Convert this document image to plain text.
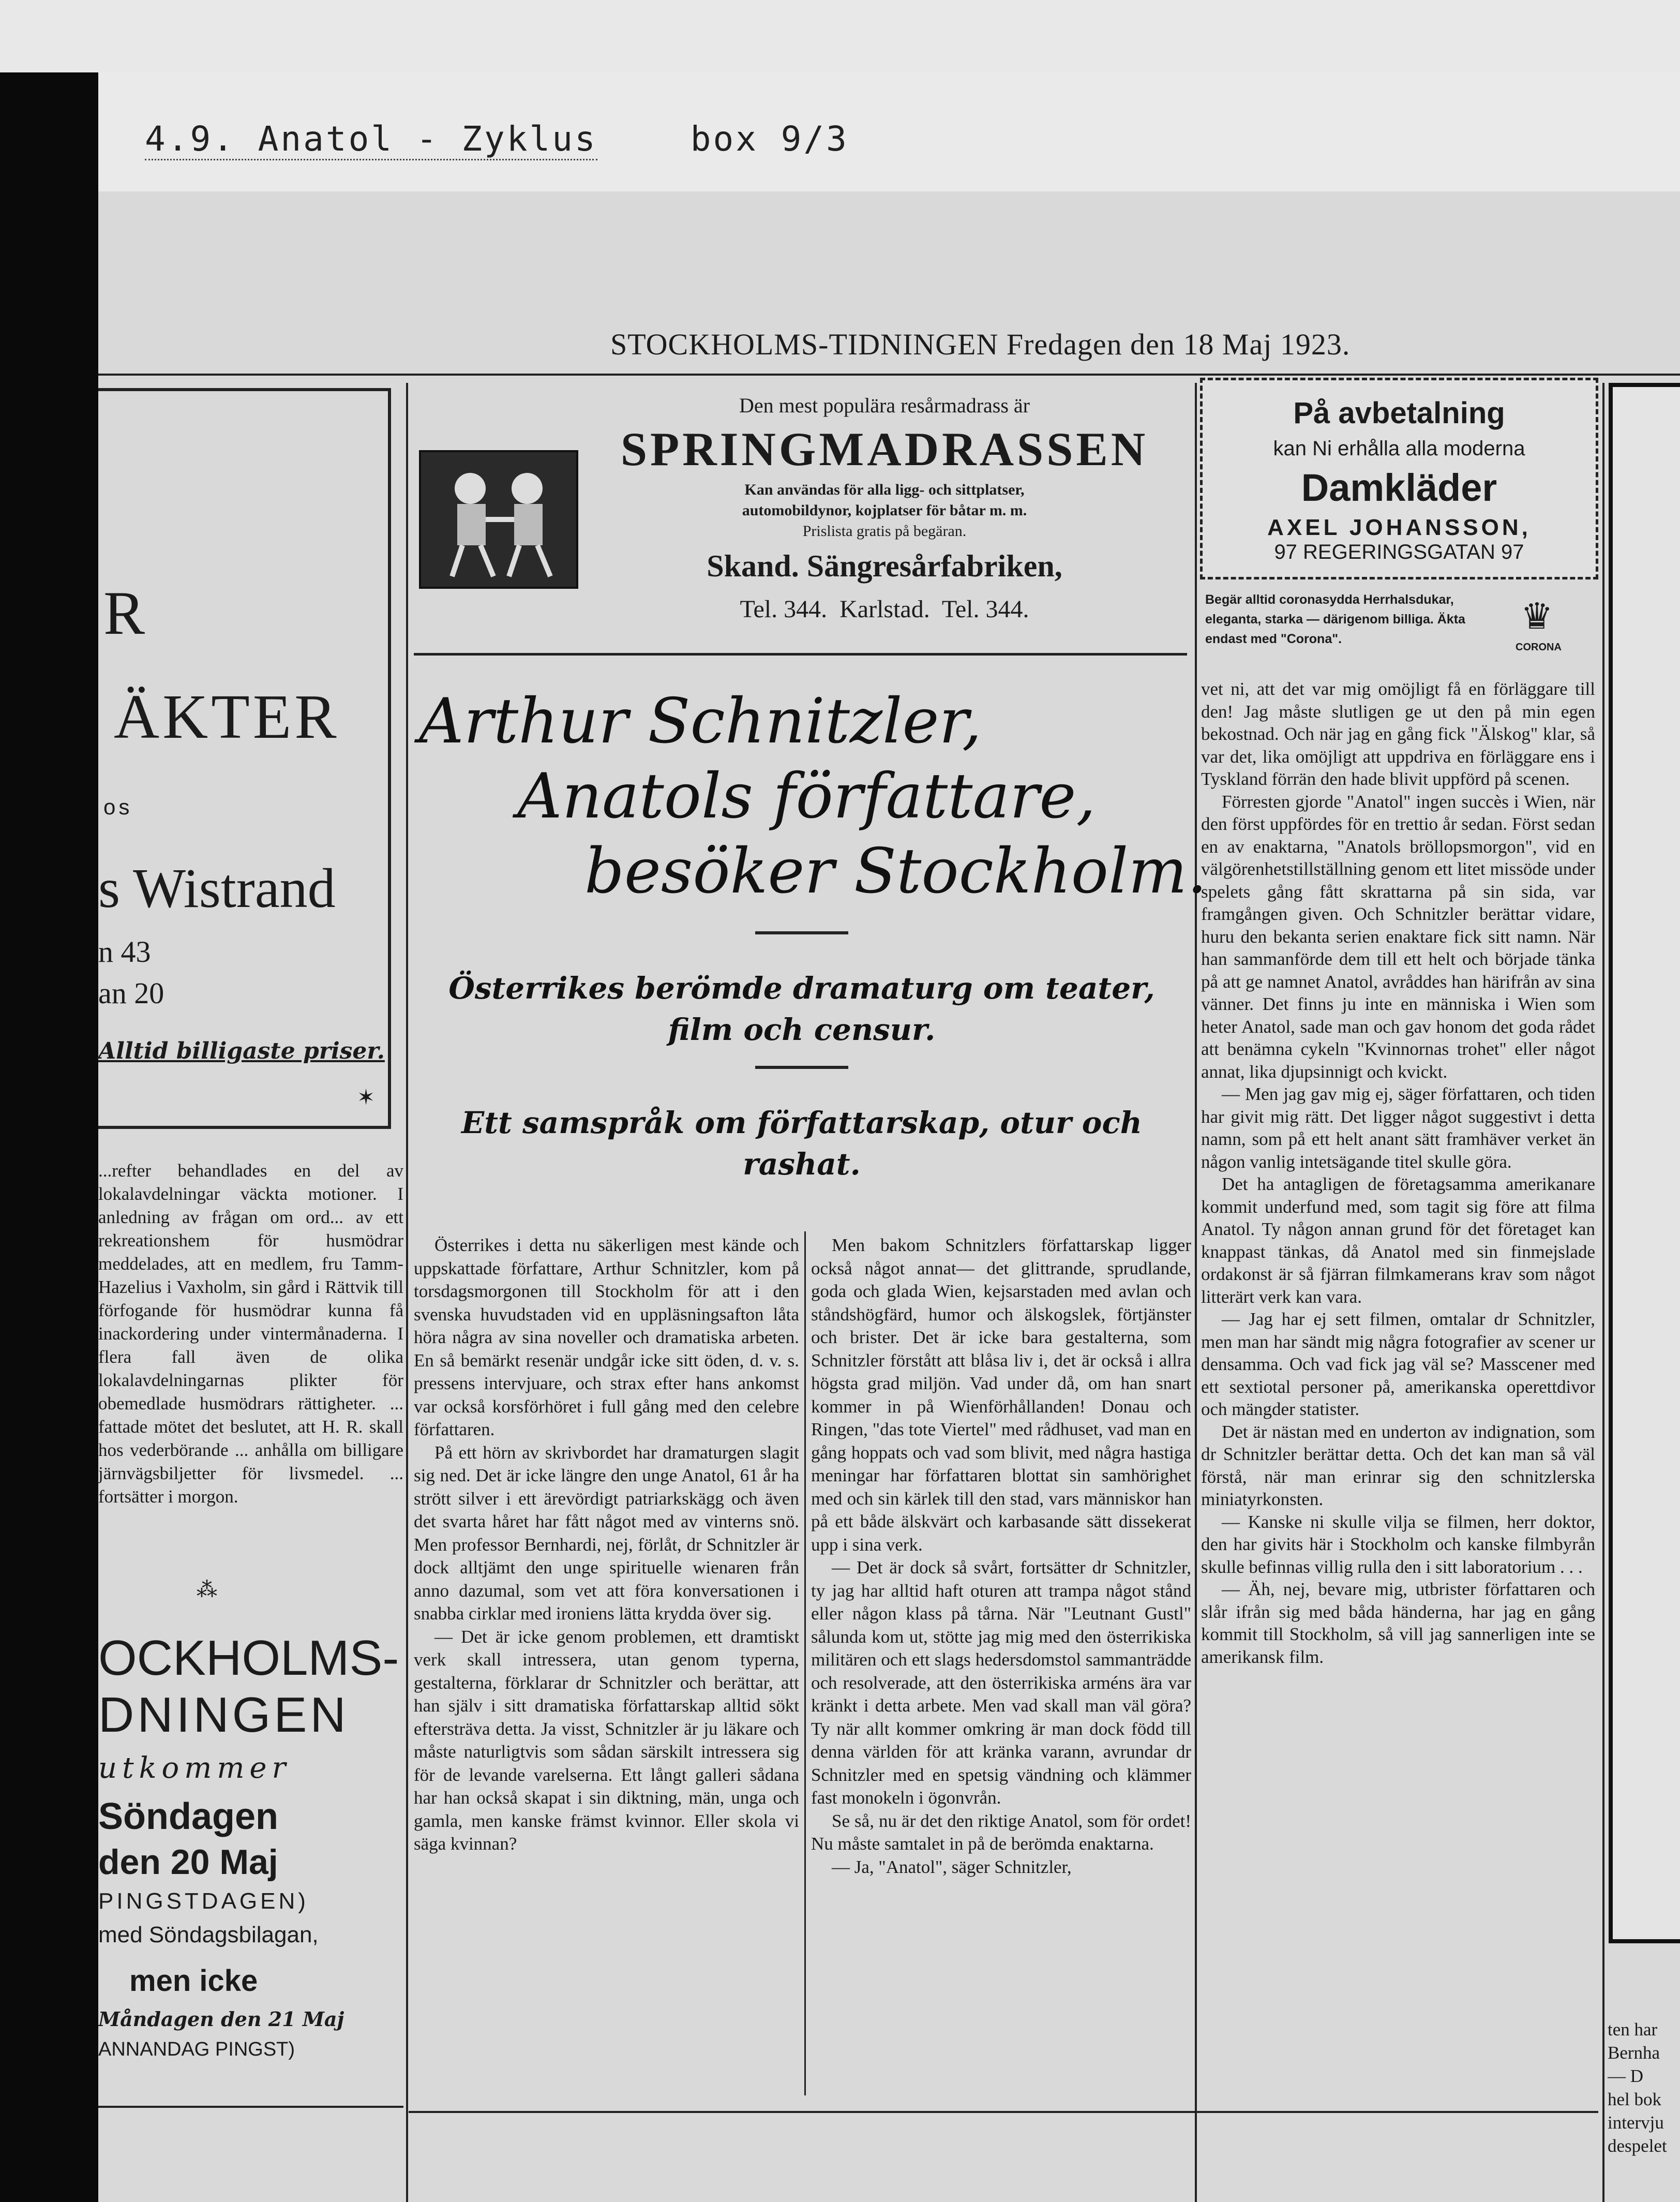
4.9. Anatol - Zyklus	box 9/3
STOCKHOLMS-TIDNINGEN Fredagen den 18 Maj 1923.
R
ÄKTER
os
s Wistrand
n 43
an 20
Alltid billigaste priser.
✶
Den mest populära resårmadrass är
SPRINGMADRASSEN
Kan användas för alla ligg- och sittplatser,
automobildynor, kojplatser för båtar m. m.
Prislista gratis på begäran.
Skand. Sängresårfabriken,
Tel. 344.  Karlstad.  Tel. 344.
På avbetalning
kan Ni erhålla alla moderna
Damkläder
AXEL JOHANSSON,
97 REGERINGSGATAN 97
Begär alltid coronasydda Herrhalsdukar, eleganta, starka — därigenom billiga. Äkta endast med "Corona".
♛
CORONA
Arthur Schnitzler,
Anatols författare,
besöker Stockholm.
Österrikes berömde dramaturg om teater, film och censur.
Ett samspråk om författarskap, otur och rashat.

...refter behandlades en del av lokalavdelningar väckta motioner. I anledning av frågan om ord... av ett rekreationshem för husmödrar meddelades, att en medlem, fru Tamm-Hazelius i Vaxholm, sin gård i Rättvik till förfogande för husmödrar kunna få inackordering under vintermånaderna. I flera fall även de olika lokalavdelningarnas plikter för obemedlade husmödrars rättigheter. ... fattade mötet det beslutet, att H. R. skall hos vederbörande ... anhålla om billigare järnvägsbiljetter för livsmedel. ... fortsätter i morgon.

⁂
OCKHOLMS-
DNINGEN
utkommer
Söndagen
den 20 Maj
PINGSTDAGEN)
med Söndagsbilagan,
men icke
Måndagen den 21 Maj
ANNANDAG PINGST)

Österrikes i detta nu säkerligen mest kände och uppskattade författare, Arthur Schnitzler, kom på torsdagsmorgonen till Stockholm för att i den svenska huvudstaden vid en uppläsningsafton låta höra några av sina noveller och dramatiska arbeten. En så bemärkt resenär undgår icke sitt öden, d. v. s. pressens intervjuare, och strax efter hans ankomst var också korsförhöret i full gång med den celebre författaren.

På ett hörn av skrivbordet har dramaturgen slagit sig ned. Det är icke längre den unge Anatol, 61 år ha strött silver i ett ärevördigt patriarkskägg och även det svarta håret har fått något med av vinterns snö. Men professor Bernhardi, nej, förlåt, dr Schnitzler är dock alltjämt den unge spirituelle wienaren från anno dazumal, som vet att föra konversationen i snabba cirklar med ironiens lätta krydda över sig.

— Det är icke genom problemen, ett dramtiskt verk skall intressera, utan genom typerna, gestalterna, förklarar dr Schnitzler och berättar, att han själv i sitt dramatiska författarskap alltid sökt eftersträva detta. Ja visst, Schnitzler är ju läkare och måste naturligtvis som sådan särskilt intressera sig för de levande varelserna. Ett långt galleri sådana har han också skapat i sin diktning, män, unga och gamla, men kanske främst kvinnor. Eller skola vi säga kvinnan?

Men bakom Schnitzlers författarskap ligger också något annat— det glittrande, sprudlande, goda och glada Wien, kejsarstaden med avlan och ståndshögfärd, humor och älskogslek, förtjänster och brister. Det är icke bara gestalterna, som Schnitzler förstått att blåsa liv i, det är också i allra högsta grad miljön. Vad under då, om han snart kommer in på Wienförhållanden! Donau och Ringen, "das tote Viertel" med rådhuset, vad man en gång hoppats och vad som blivit, med några hastiga meningar har författaren blottat sin samhörighet med och sin kärlek till den stad, vars människor han på ett både älskvärt och karbasande sätt dissekerat upp i sina verk.

— Det är dock så svårt, fortsätter dr Schnitzler, ty jag har alltid haft oturen att trampa något stånd eller någon klass på tårna. När "Leutnant Gustl" sålunda kom ut, stötte jag mig med den österrikiska militären och ett slags hedersdomstol sammanträdde och resolverade, att den österrikiska arméns ära var kränkt i detta arbete. Men vad skall man väl göra? Ty när allt kommer omkring är man dock född till denna världen för att kränka varann, avrundar dr Schnitzler med en spetsig vändning och klämmer fast monokeln i ögonvrån.

Se så, nu är det den riktige Anatol, som för ordet! Nu måste samtalet in på de berömda enaktarna.

— Ja, "Anatol", säger Schnitzler,

vet ni, att det var mig omöjligt få en förläggare till den! Jag måste slutligen ge ut den på min egen bekostnad. Och när jag en gång fick "Älskog" klar, så var det, lika omöjligt att uppdriva en förläggare ens i Tyskland förrän den hade blivit uppförd på scenen.

Förresten gjorde "Anatol" ingen succès i Wien, när den först uppfördes för en trettio år sedan. Först sedan en av enaktarna, "Anatols bröllopsmorgon", vid en välgörenhetstillställning genom ett litet missöde under spelets gång fått skrattarna på sin sida, var framgången given. Och Schnitzler berättar vidare, huru den bekanta serien enaktare fick sitt namn. När han sammanförde dem till ett helt och började tänka på att ge namnet Anatol, avråddes han härifrån av sina vänner. Det finns ju inte en människa i Wien som heter Anatol, sade man och gav honom det goda rådet att benämna cykeln "Kvinnornas trohet" eller något annat, lika djupsinnigt och kvickt.

— Men jag gav mig ej, säger författaren, och tiden har givit mig rätt. Det ligger något suggestivt i detta namn, som på ett helt anant sätt framhäver verket än någon vanlig intetsägande titel skulle göra.

Det ha antagligen de företagsamma amerikanare kommit underfund med, som tagit sig före att filma Anatol. Ty någon annan grund för det företaget kan knappast tänkas, då Anatol med sin finmejslade ordakonst är så fjärran filmkamerans krav som något litterärt verk kan vara.

— Jag har ej sett filmen, omtalar dr Schnitzler, men man har sändt mig några fotografier av scener ur densamma. Och vad fick jag väl se? Masscener med ett sextiotal personer på, amerikanska operettdivor och mängder statister.

Det är nästan med en underton av indignation, som dr Schnitzler berättar detta. Och det kan man så väl förstå, när man erinrar sig den schnitzlerska miniatyrkonsten.

— Kanske ni skulle vilja se filmen, herr doktor, den har givits här i Stockholm och kanske filmbyrån skulle befinnas villig rulla den i sitt laboratorium . . .

— Äh, nej, bevare mig, utbrister författaren och slår ifrån sig med båda händerna, har jag en gång kommit till Stockholm, så vill jag sannerligen inte se amerikansk film.

ten har
Bernha
— D
hel bok
intervju
despelet
